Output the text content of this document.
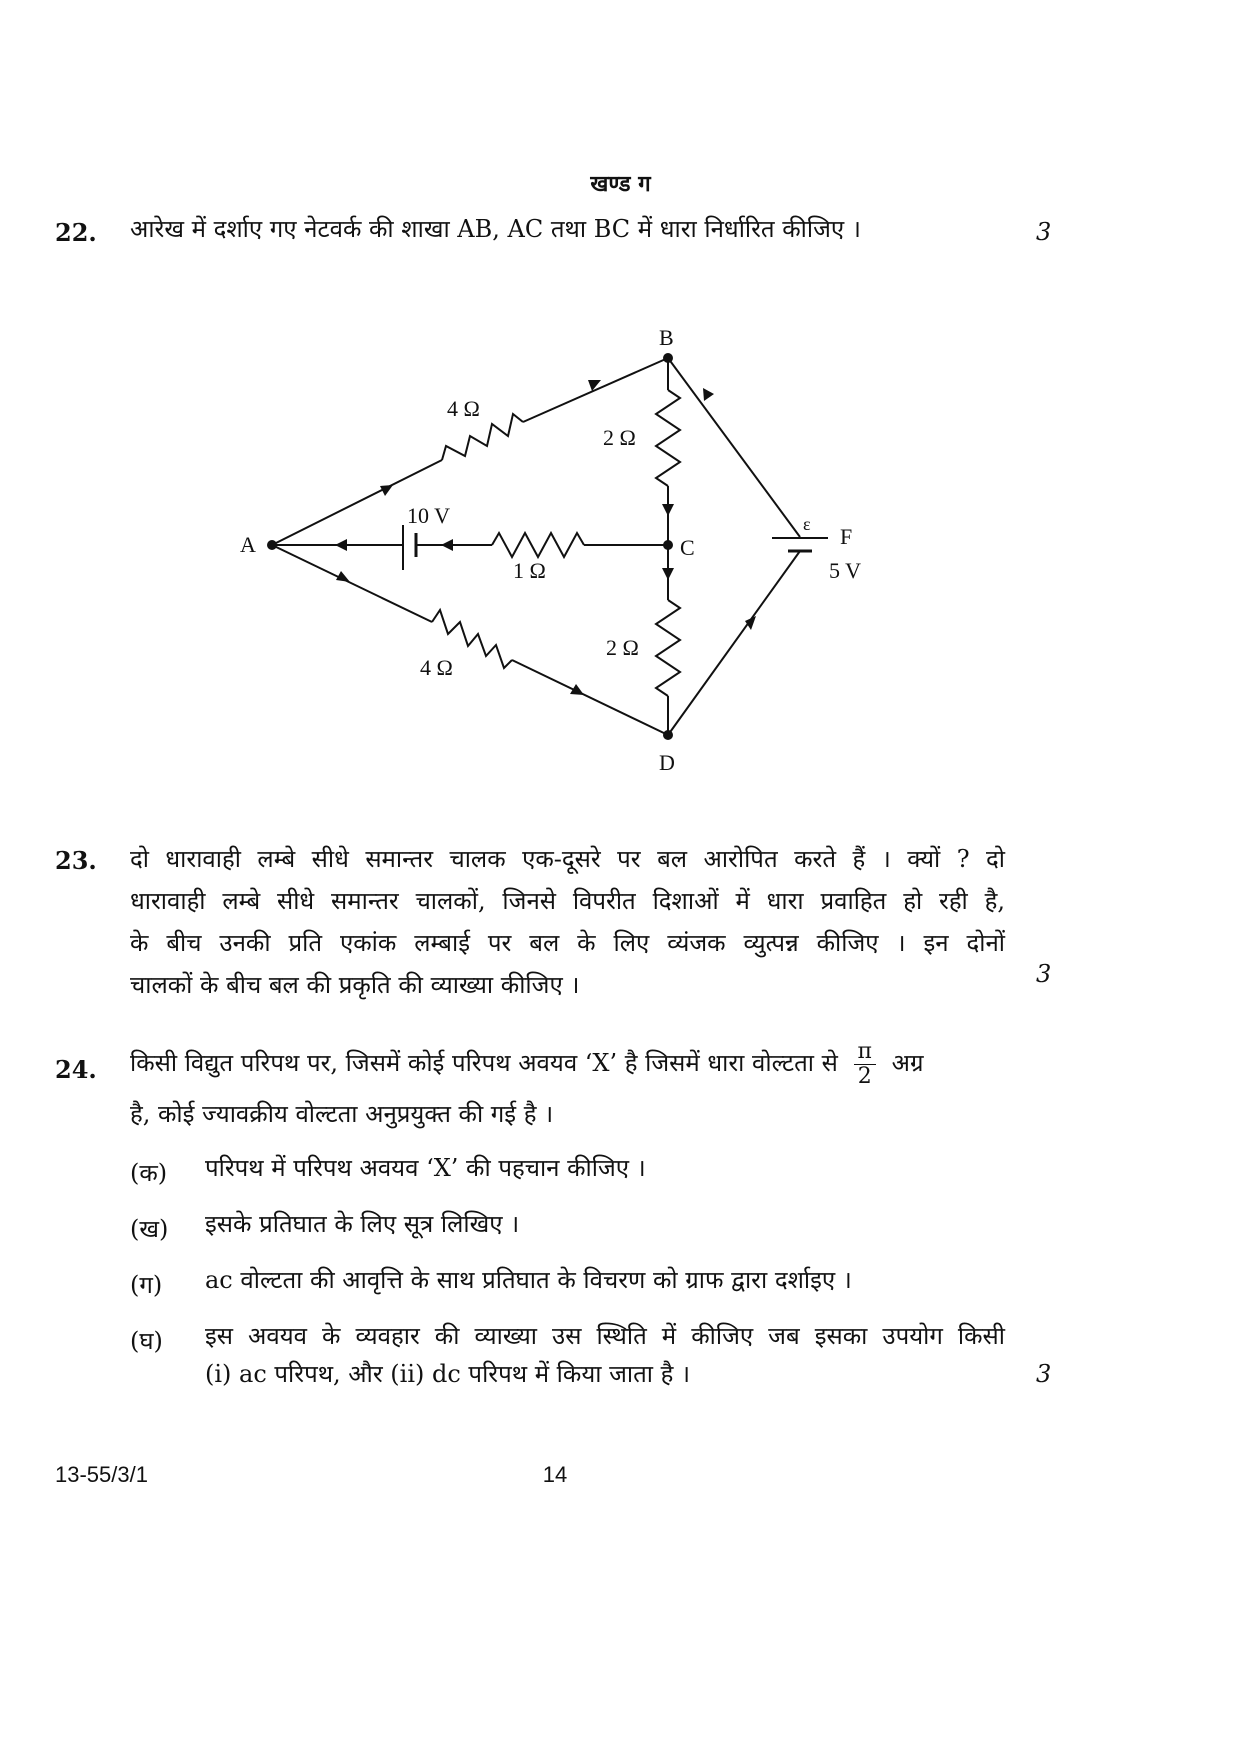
खण्ड ग
22. आरेख में दर्शाए गए नेटवर्क की शाखा AB, AC तथा BC में धारा निर्धारित कीजिए ।	3
A
B
C
D
F
4 Ω
2 Ω
1 Ω
2 Ω
4 Ω
10 V	ε
5 V
23. दो धारावाही लम्बे सीधे समान्तर चालक एक-दूसरे पर बल आरोपित करते हैं । क्यों ? दो
धारावाही लम्बे सीधे समान्तर चालकों, जिनसे विपरीत दिशाओं में धारा प्रवाहित हो रही है,
के बीच उनकी प्रति एकांक लम्बाई पर बल के लिए व्यंजक व्युत्पन्न कीजिए । इन दोनों
चालकों के बीच बल की प्रकृति की व्याख्या कीजिए ।	3
24. किसी विद्युत परिपथ पर, जिसमें कोई परिपथ अवयव ‘X’ है जिसमें धारा वोल्टता से $\frac{\pi}{2}$ अग्र
है, कोई ज्यावक्रीय वोल्टता अनुप्रयुक्त की गई है ।
(क) परिपथ में परिपथ अवयव ‘X’ की पहचान कीजिए ।
(ख) इसके प्रतिघात के लिए सूत्र लिखिए ।
(ग) ac वोल्टता की आवृत्ति के साथ प्रतिघात के विचरण को ग्राफ द्वारा दर्शाइए ।
(घ) इस अवयव के व्यवहार की व्याख्या उस स्थिति में कीजिए जब इसका उपयोग किसी
(i) ac परिपथ, और (ii) dc परिपथ में किया जाता है ।	3
13-55/3/1	14
